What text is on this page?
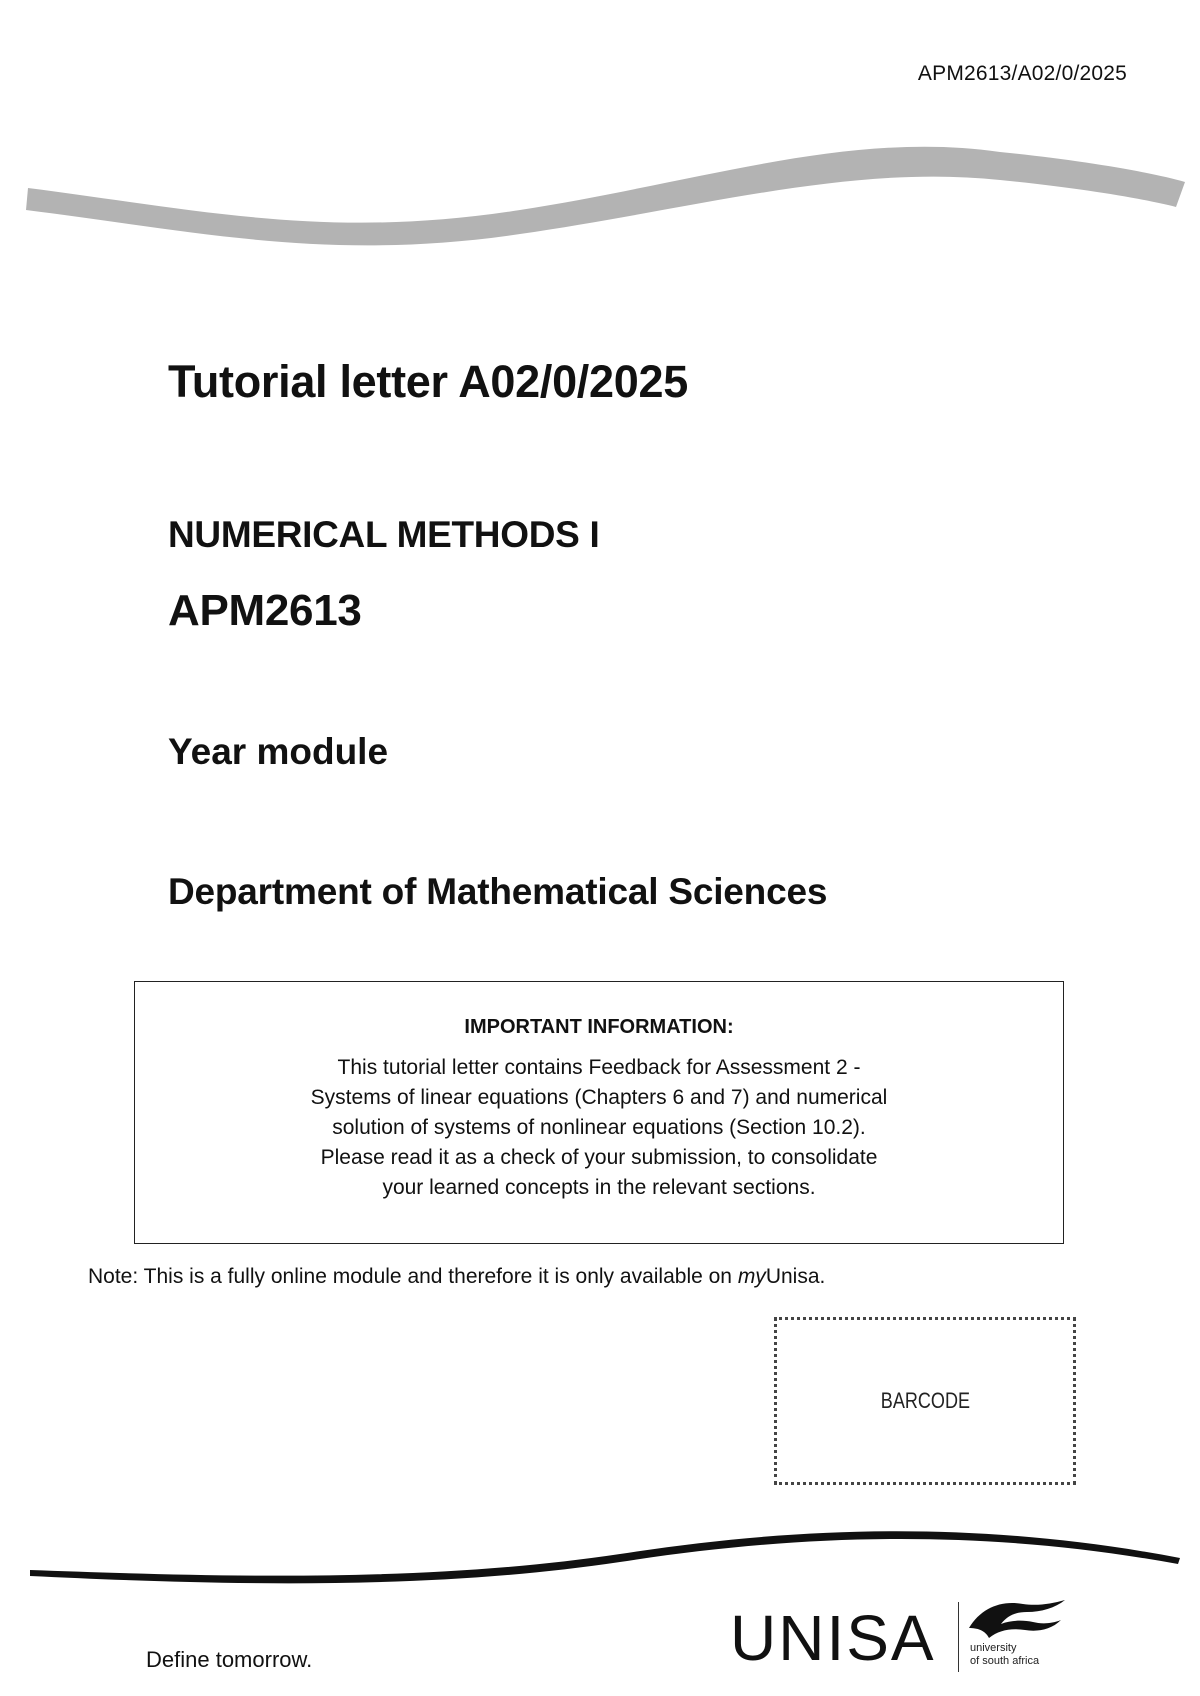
APM2613/A02/0/2025
Tutorial letter A02/0/2025
NUMERICAL METHODS I
APM2613
Year module
Department of Mathematical Sciences
IMPORTANT INFORMATION:
This tutorial letter contains Feedback for Assessment 2 -
Systems of linear equations (Chapters 6 and 7) and numerical
solution of systems of nonlinear equations (Section 10.2).
Please read it as a check of your submission, to consolidate
your learned concepts in the relevant sections.
Note: This is a fully online module and therefore it is only available on myUnisa.
BARCODE
Define tomorrow.	UNISA	university
of south africa
